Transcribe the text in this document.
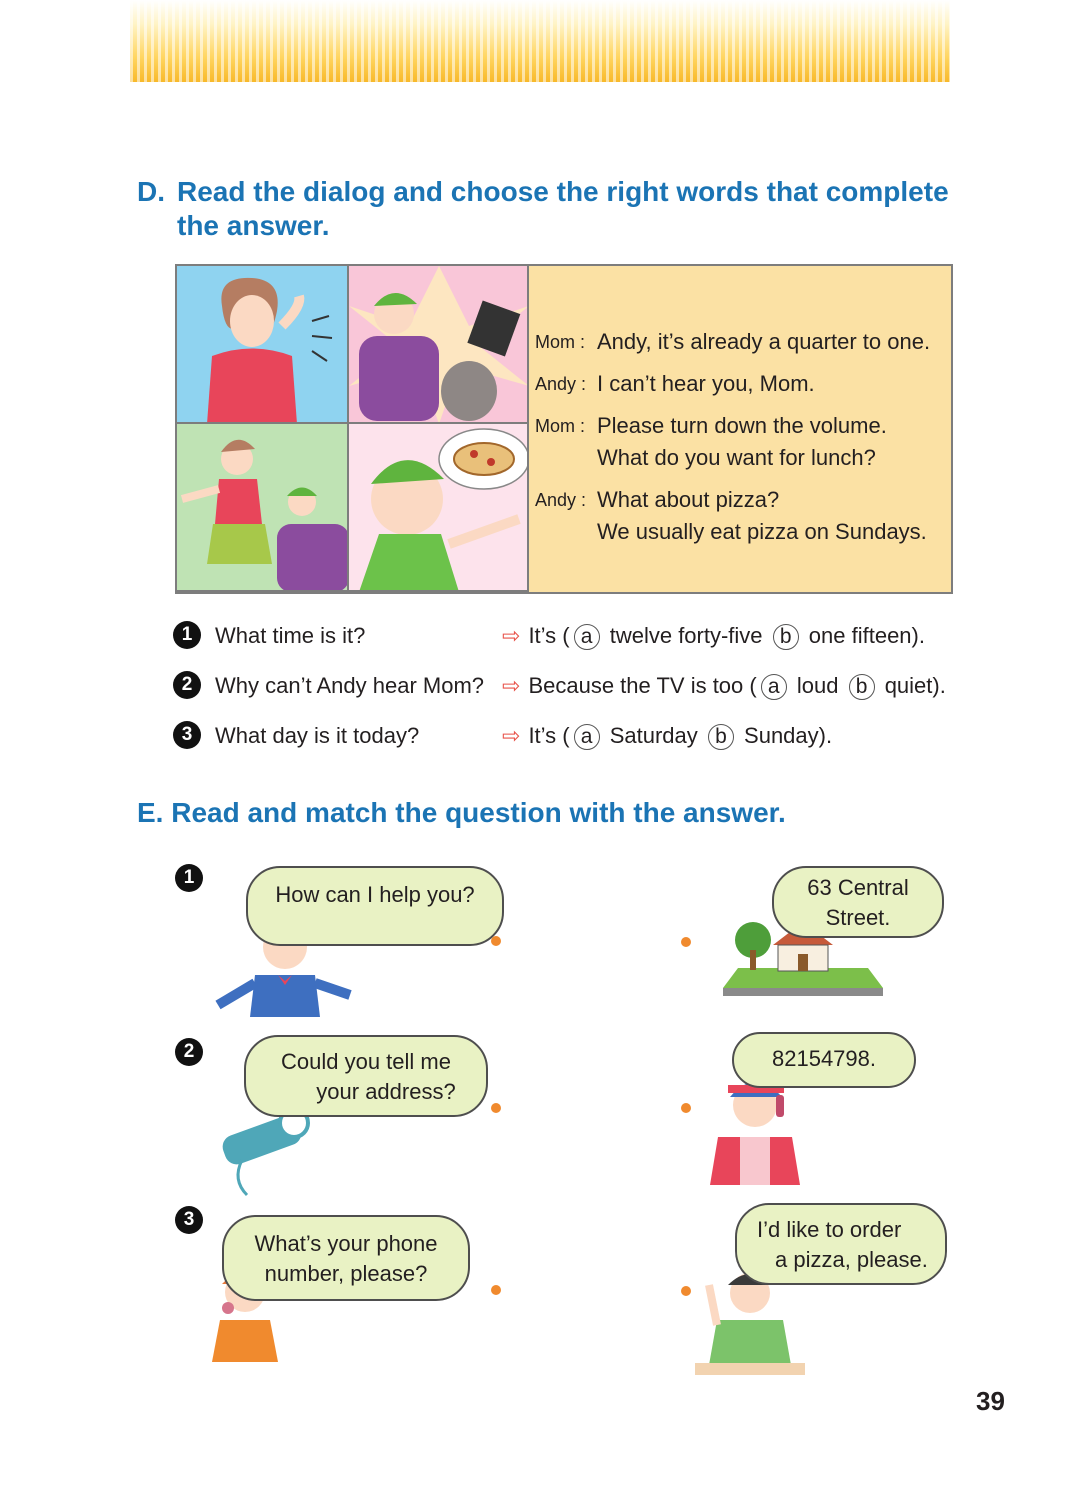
D. Read the dialog and choose the right words that complete
the answer.
Mom : Andy, it’s already a quarter to one.
Andy : I can’t hear you, Mom.
Mom : Please turn down the volume.
What do you want for lunch?
Andy : What about pizza?
We usually eat pizza on Sundays.
1 What time is it?	⇨ It’s ( a twelve forty-five b one fifteen).
2 Why can’t Andy hear Mom? ⇨ Because the TV is too ( a loud b quiet).
3 What day is it today?	⇨ It’s ( a Saturday b Sunday).
E. Read and match the question with the answer.
1
2
3
How can I help you?
Could you tell me
your address?
What’s your phone
number, please?
63 Central
Street.
82154798.
I’d like to order
a pizza, please.
39
